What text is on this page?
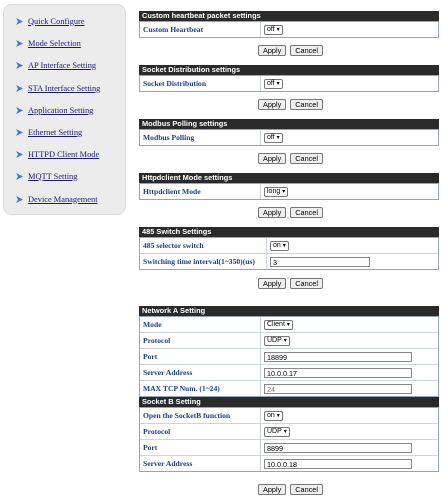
Quick Configure
Mode Selection
AP Interface Setting
STA Interface Setting
Application Setting
Ethernet Setting
HTTPD Client Mode
MQTT Setting
Device Management
Custom heartbeat packet settings
Custom Heartbeat	off ▾
Apply	Cancel
Socket Distribution settings
Socket Distribution	off ▾
Apply	Cancel
Modbus Polling settings
Modbus Polling	off ▾
Apply	Cancel
Httpdclient Mode settings
Httpdclient Mode	long ▾
Apply	Cancel
485 Switch Settings
485 selector switch	on ▾
Switching time interval(1~350)(us)	3
Apply	Cancel
Network A Setting
Mode	Client ▾
Protocol	UDP ▾
Port	18899
Server Address	10.0.0.17
MAX TCP Num. (1~24)	24
Socket B Setting
Open the SocketB function	on ▾
Protocol	UDP ▾
Port	8899
Server Address	10.0.0.18
Apply	Cancel
